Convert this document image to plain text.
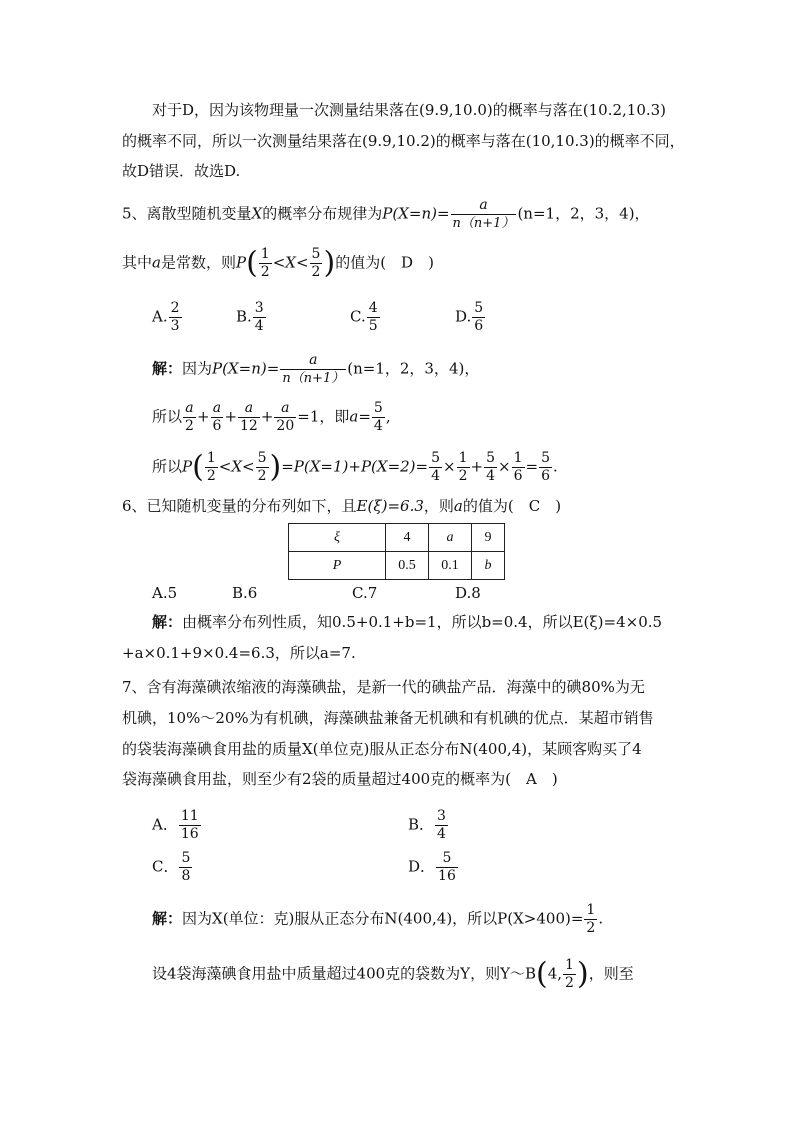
对于D，因为该物理量一次测量结果落在(9.9,10.0)的概率与落在(10.2,10.3)
的概率不同，所以一次测量结果落在(9.9,10.2)的概率与落在(10,10.3)的概率不同，
故D错误．故选D.
5、离散型随机变量X的概率分布规律为$P(X=n)= \frac{a}{n(n+1)} (n=1$，2，3，4)，
其中a是常数，则$P( \frac{1}{2} <X< \frac{5}{2}$ )的值为(　D　)
A. $\frac{2}{3}$	B. $\frac{3}{4}$	C. $\frac{4}{5}$	D. $\frac{5}{6}$
解：因为$P(X=n)= \frac{a}{n(n+1)} (n=1$，2，3，4)，
所以 $\frac{a}{2} + \frac{a}{6} + \frac{a}{12} + \frac{a}{20} =1$，即$a= \frac{5}{4}$ ,
所以$P( \frac{1}{2} <X< \frac{5}{2} )=P(X=1)+P(X=2)= \frac{5}{4} \times \frac{1}{2} + \frac{5}{4} \times \frac{1}{6} = \frac{5}{6}$ .
6、已知随机变量的分布列如下，且E(ξ)=6.3，则a的值为(　C　)
ξ	4	a	9
P	0.5	0.1	b
A.5	B.6	C.7	D.8
解：由概率分布列性质，知0.5+0.1+b=1，所以b=0.4，所以E(ξ)=4×0.5
+a×0.1+9×0.4=6.3，所以a=7.
7、含有海藻碘浓缩液的海藻碘盐，是新一代的碘盐产品．海藻中的碘80%为无
机碘，10%～20%为有机碘，海藻碘盐兼备无机碘和有机碘的优点．某超市销售
的袋装海藻碘食用盐的质量X(单位克)服从正态分布N(400,4)，某顾客购买了4
袋海藻碘食用盐，则至少有2袋的质量超过400克的概率为(　A　)
A． $\frac{11}{16}$	B． $\frac{3}{4}$
C． $\frac{5}{8}$	D． $\frac{5}{16}$
解：因为X(单位：克)服从正态分布N(400,4)，所以$P(X>400)= \frac{1}{2}$ .
设4袋海藻碘食用盐中质量超过400克的袋数为Y，则Y～B(4, $\frac{1}{2}$ )，则至
